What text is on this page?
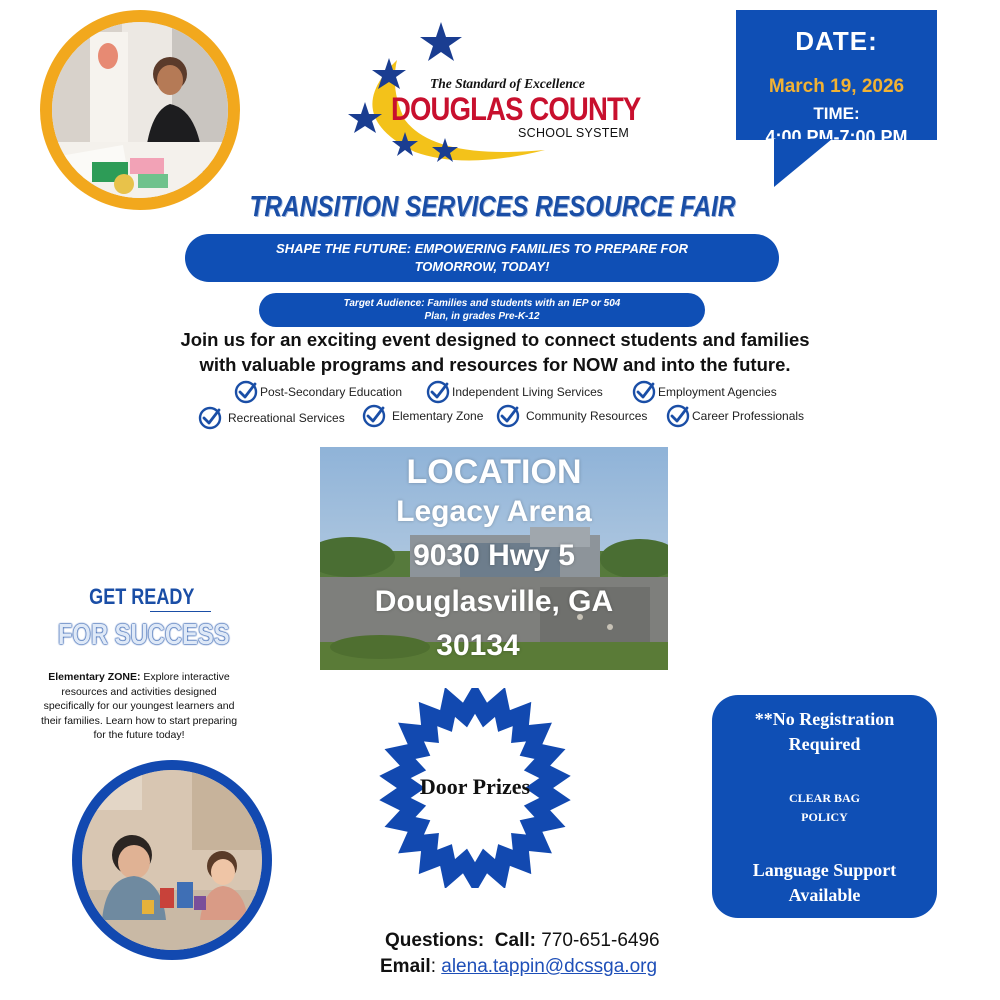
The Standard of Excellence
DOUGLAS COUNTY
SCHOOL SYSTEM
DATE:
March 19, 2026
TIME:
4:00 PM-7:00 PM
TRANSITION SERVICES RESOURCE FAIR
SHAPE THE FUTURE: EMPOWERING FAMILIES TO PREPARE FOR
TOMORROW, TODAY!
Target Audience: Families and students with an IEP or 504
Plan, in grades Pre-K-12
Join us for an exciting event designed to connect students and families
with valuable programs and resources for NOW and into the future.
Post-Secondary Education	Independent Living Services	Employment Agencies
Recreational Services	Elementary Zone	Community Resources	Career Professionals
LOCATION
Legacy Arena
9030 Hwy 5
Douglasville, GA
30134
GET READY
FOR SUCCESS
Elementary ZONE: Explore interactive resources and activities designed specifically for our youngest learners and their families. Learn how to start preparing for the future today!
Door Prizes
**No Registration
Required
CLEAR BAG
POLICY
Language Support
Available
Questions: Call: 770-651-6496
Email: alena.tappin@dcssga.org
